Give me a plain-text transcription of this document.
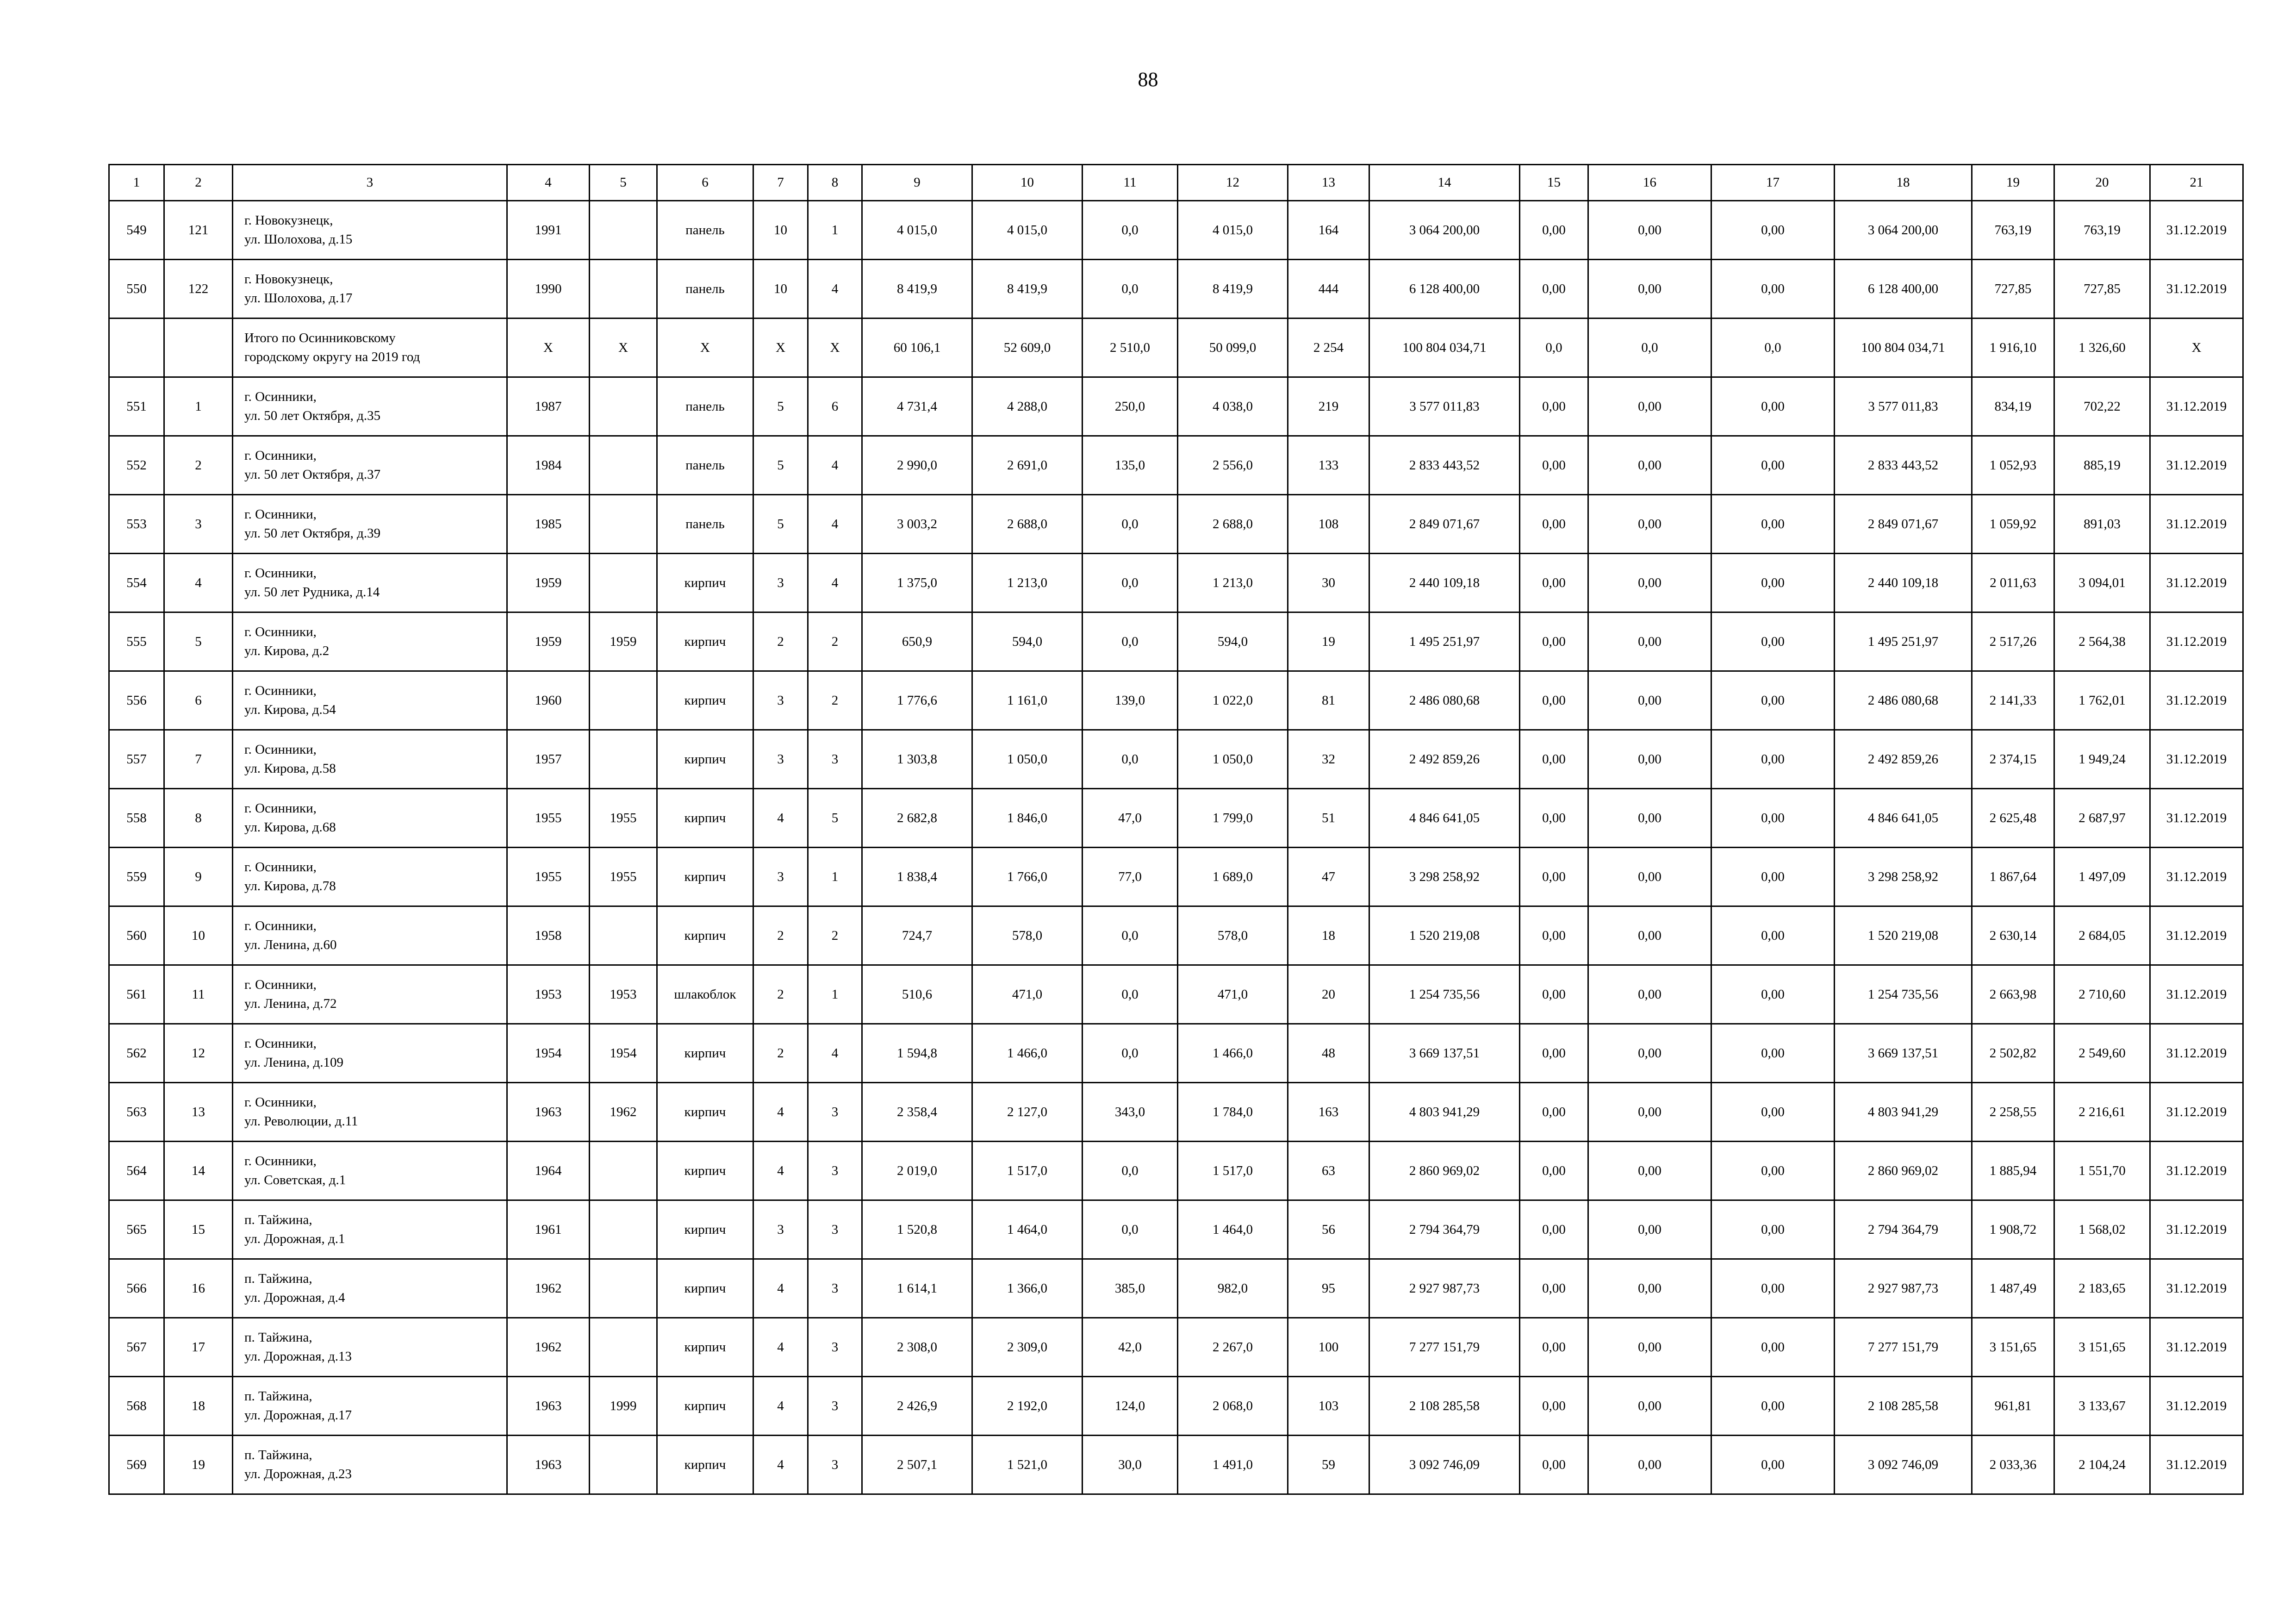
88
1	2	3	4	5	6	7	8	9	10	11	12	13	14	15	16	17	18	19	20	21
549	121	г. Новокузнецк,
ул. Шолохова, д.15	1991		панель	10	1	4 015,0	4 015,0	0,0	4 015,0	164	3 064 200,00	0,00	0,00	0,00	3 064 200,00	763,19	763,19	31.12.2019
550	122	г. Новокузнецк,
ул. Шолохова, д.17	1990		панель	10	4	8 419,9	8 419,9	0,0	8 419,9	444	6 128 400,00	0,00	0,00	0,00	6 128 400,00	727,85	727,85	31.12.2019

		Итого по Осинниковскому
городскому округу на 2019 год	X	X	X	X	X	60 106,1	52 609,0	2 510,0	50 099,0	2 254	100 804 034,71	0,0	0,0	0,0	100 804 034,71	1 916,10	1 326,60	X
551	1	г. Осинники,
ул. 50 лет Октября, д.35	1987		панель	5	6	4 731,4	4 288,0	250,0	4 038,0	219	3 577 011,83	0,00	0,00	0,00	3 577 011,83	834,19	702,22	31.12.2019
552	2	г. Осинники,
ул. 50 лет Октября, д.37	1984		панель	5	4	2 990,0	2 691,0	135,0	2 556,0	133	2 833 443,52	0,00	0,00	0,00	2 833 443,52	1 052,93	885,19	31.12.2019
553	3	г. Осинники,
ул. 50 лет Октября, д.39	1985		панель	5	4	3 003,2	2 688,0	0,0	2 688,0	108	2 849 071,67	0,00	0,00	0,00	2 849 071,67	1 059,92	891,03	31.12.2019
554	4	г. Осинники,
ул. 50 лет Рудника, д.14	1959		кирпич	3	4	1 375,0	1 213,0	0,0	1 213,0	30	2 440 109,18	0,00	0,00	0,00	2 440 109,18	2 011,63	3 094,01	31.12.2019
555	5	г. Осинники,
ул. Кирова, д.2	1959	1959	кирпич	2	2	650,9	594,0	0,0	594,0	19	1 495 251,97	0,00	0,00	0,00	1 495 251,97	2 517,26	2 564,38	31.12.2019
556	6	г. Осинники,
ул. Кирова, д.54	1960		кирпич	3	2	1 776,6	1 161,0	139,0	1 022,0	81	2 486 080,68	0,00	0,00	0,00	2 486 080,68	2 141,33	1 762,01	31.12.2019
557	7	г. Осинники,
ул. Кирова, д.58	1957		кирпич	3	3	1 303,8	1 050,0	0,0	1 050,0	32	2 492 859,26	0,00	0,00	0,00	2 492 859,26	2 374,15	1 949,24	31.12.2019
558	8	г. Осинники,
ул. Кирова, д.68	1955	1955	кирпич	4	5	2 682,8	1 846,0	47,0	1 799,0	51	4 846 641,05	0,00	0,00	0,00	4 846 641,05	2 625,48	2 687,97	31.12.2019
559	9	г. Осинники,
ул. Кирова, д.78	1955	1955	кирпич	3	1	1 838,4	1 766,0	77,0	1 689,0	47	3 298 258,92	0,00	0,00	0,00	3 298 258,92	1 867,64	1 497,09	31.12.2019
560	10	г. Осинники,
ул. Ленина, д.60	1958		кирпич	2	2	724,7	578,0	0,0	578,0	18	1 520 219,08	0,00	0,00	0,00	1 520 219,08	2 630,14	2 684,05	31.12.2019
561	11	г. Осинники,
ул. Ленина, д.72	1953	1953	шлакоблок	2	1	510,6	471,0	0,0	471,0	20	1 254 735,56	0,00	0,00	0,00	1 254 735,56	2 663,98	2 710,60	31.12.2019
562	12	г. Осинники,
ул. Ленина, д.109	1954	1954	кирпич	2	4	1 594,8	1 466,0	0,0	1 466,0	48	3 669 137,51	0,00	0,00	0,00	3 669 137,51	2 502,82	2 549,60	31.12.2019
563	13	г. Осинники,
ул. Революции, д.11	1963	1962	кирпич	4	3	2 358,4	2 127,0	343,0	1 784,0	163	4 803 941,29	0,00	0,00	0,00	4 803 941,29	2 258,55	2 216,61	31.12.2019
564	14	г. Осинники,
ул. Советская, д.1	1964		кирпич	4	3	2 019,0	1 517,0	0,0	1 517,0	63	2 860 969,02	0,00	0,00	0,00	2 860 969,02	1 885,94	1 551,70	31.12.2019
565	15	п. Тайжина,
ул. Дорожная, д.1	1961		кирпич	3	3	1 520,8	1 464,0	0,0	1 464,0	56	2 794 364,79	0,00	0,00	0,00	2 794 364,79	1 908,72	1 568,02	31.12.2019
566	16	п. Тайжина,
ул. Дорожная, д.4	1962		кирпич	4	3	1 614,1	1 366,0	385,0	982,0	95	2 927 987,73	0,00	0,00	0,00	2 927 987,73	1 487,49	2 183,65	31.12.2019
567	17	п. Тайжина,
ул. Дорожная, д.13	1962		кирпич	4	3	2 308,0	2 309,0	42,0	2 267,0	100	7 277 151,79	0,00	0,00	0,00	7 277 151,79	3 151,65	3 151,65	31.12.2019
568	18	п. Тайжина,
ул. Дорожная, д.17	1963	1999	кирпич	4	3	2 426,9	2 192,0	124,0	2 068,0	103	2 108 285,58	0,00	0,00	0,00	2 108 285,58	961,81	3 133,67	31.12.2019
569	19	п. Тайжина,
ул. Дорожная, д.23	1963		кирпич	4	3	2 507,1	1 521,0	30,0	1 491,0	59	3 092 746,09	0,00	0,00	0,00	3 092 746,09	2 033,36	2 104,24	31.12.2019
